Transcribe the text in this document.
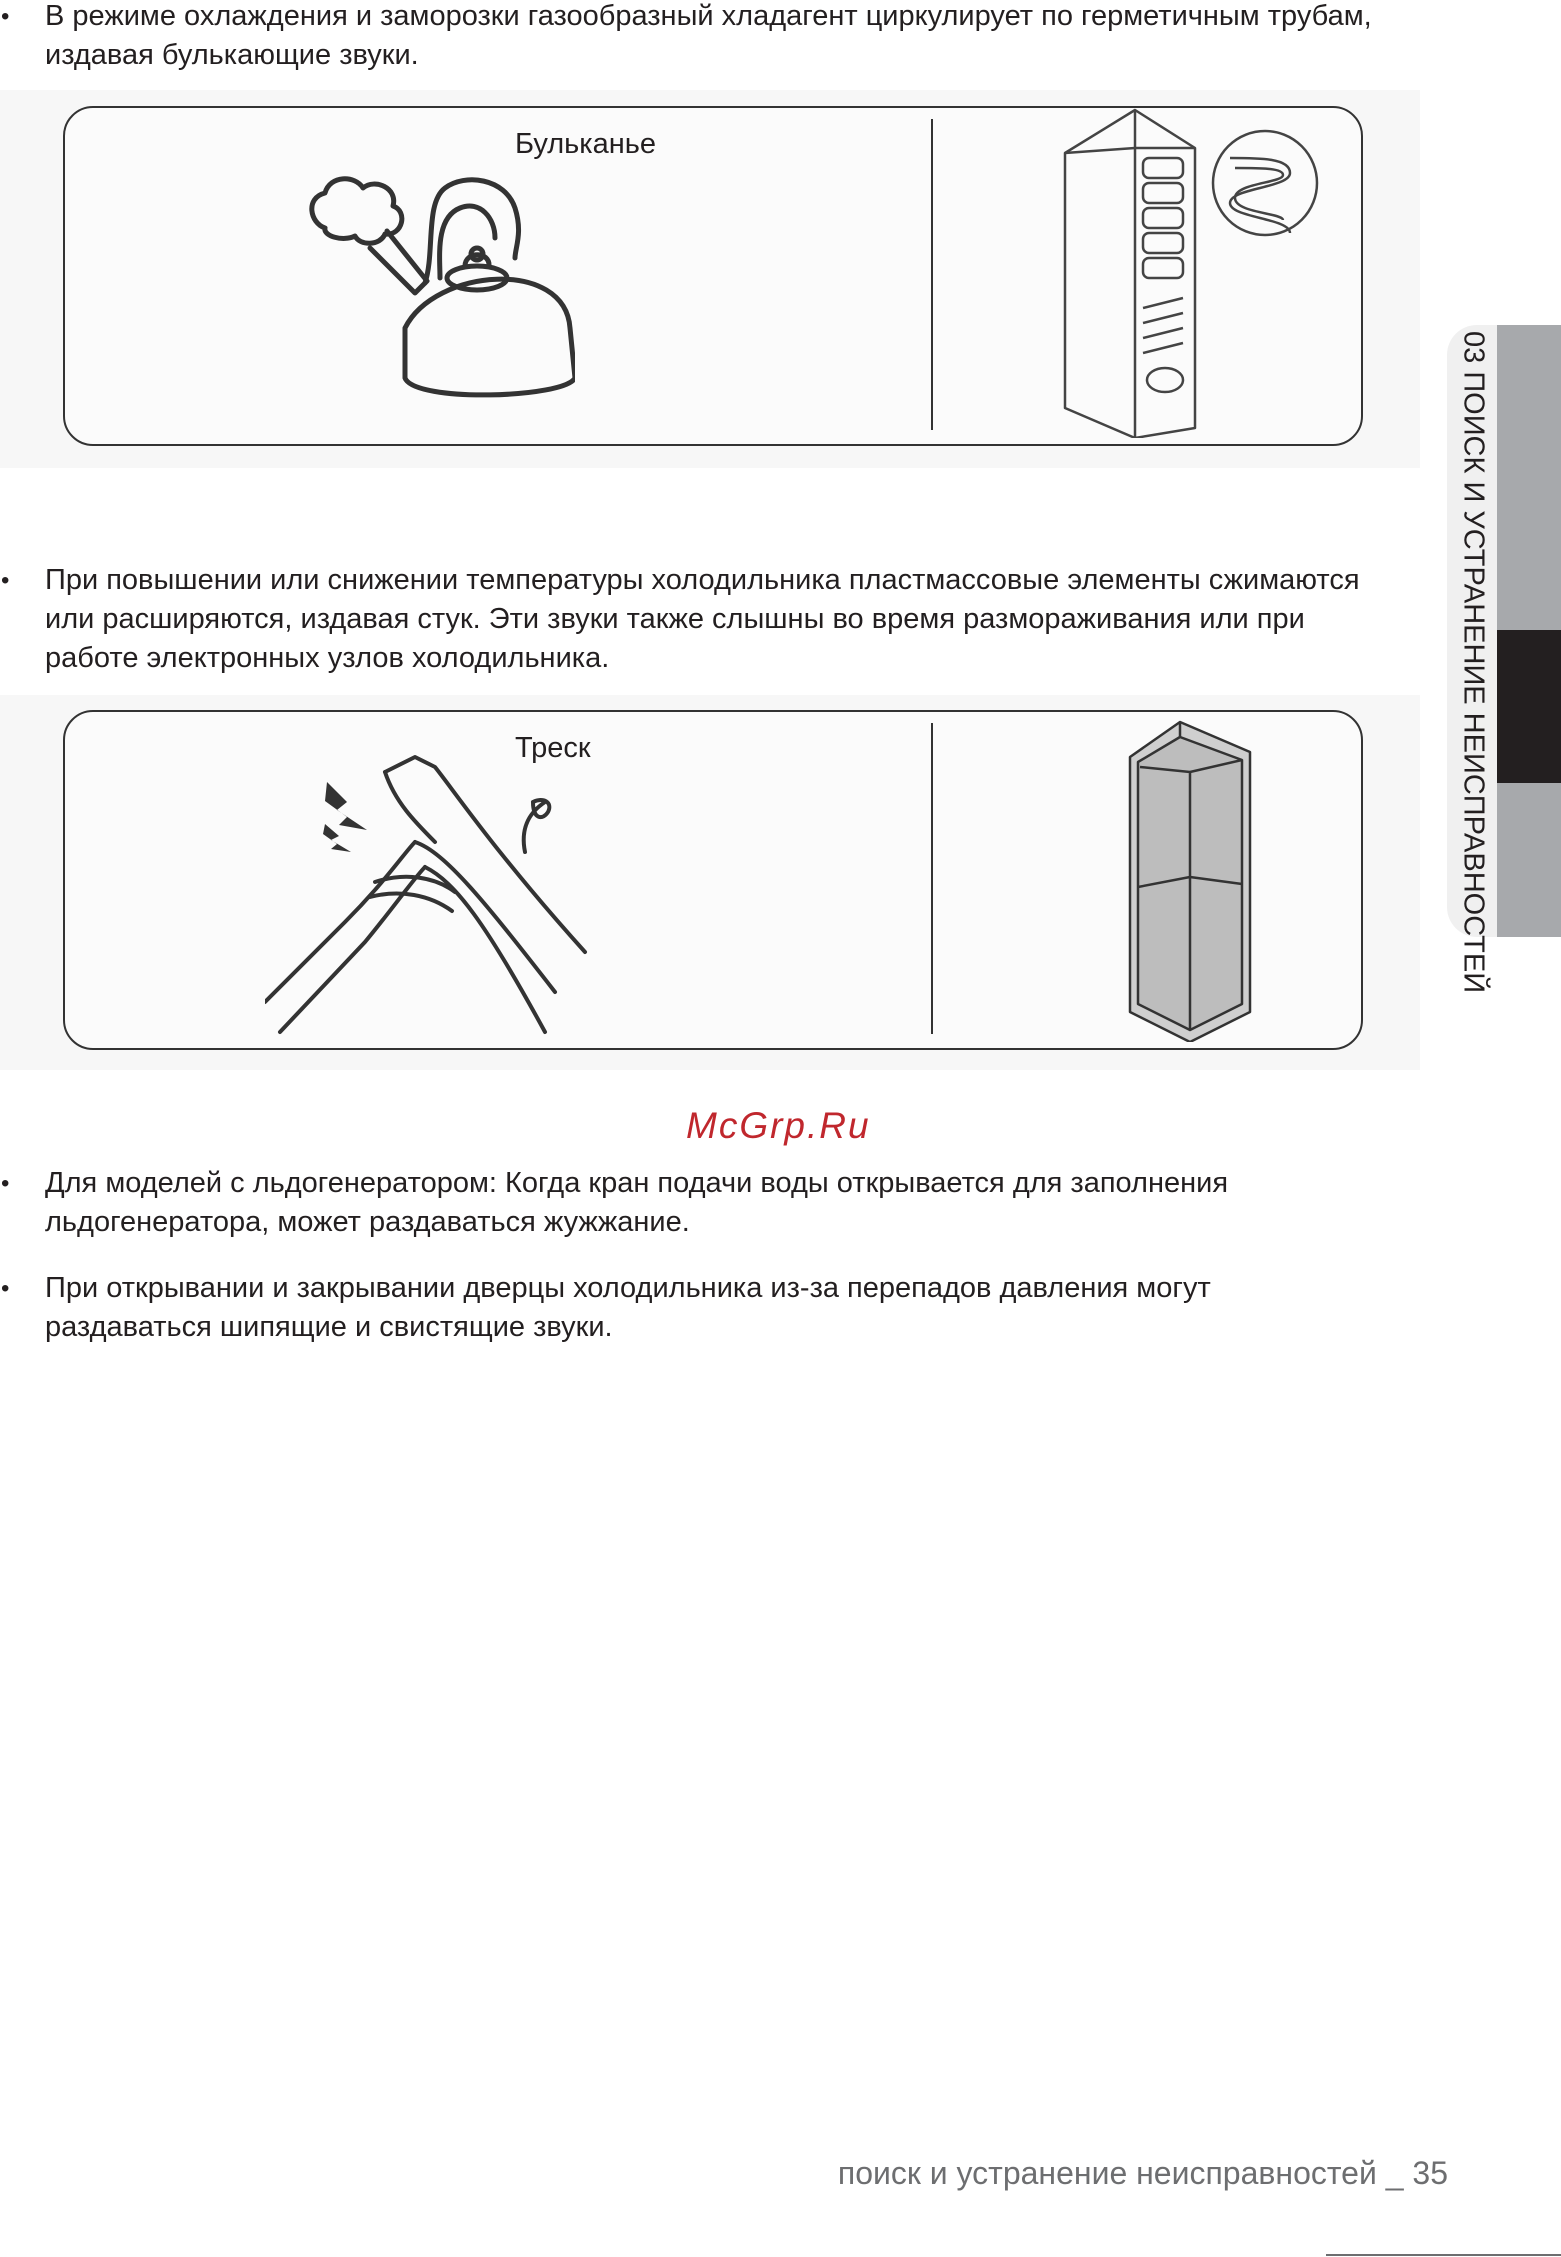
• В режиме охлаждения и заморозки газообразный хладагент циркулирует по герметичным трубам, издавая булькающие звуки.
Бульканье
• При повышении или снижении температуры холодильника пластмассовые элементы сжимаются или расширяются, издавая стук. Эти звуки также слышны во время размораживания или при работе электронных узлов холодильника.
Треск
McGrp.Ru
• Для моделей с льдогенератором: Когда кран подачи воды открывается для заполнения льдогенератора, может раздаваться жужжание.
• При открывании и закрывании дверцы холодильника из-за перепадов давления могут раздаваться шипящие и свистящие звуки.
03 ПОИСК И УСТРАНЕНИЕ НЕИСПРАВНОСТЕЙ
поиск и устранение неисправностей _ 35
